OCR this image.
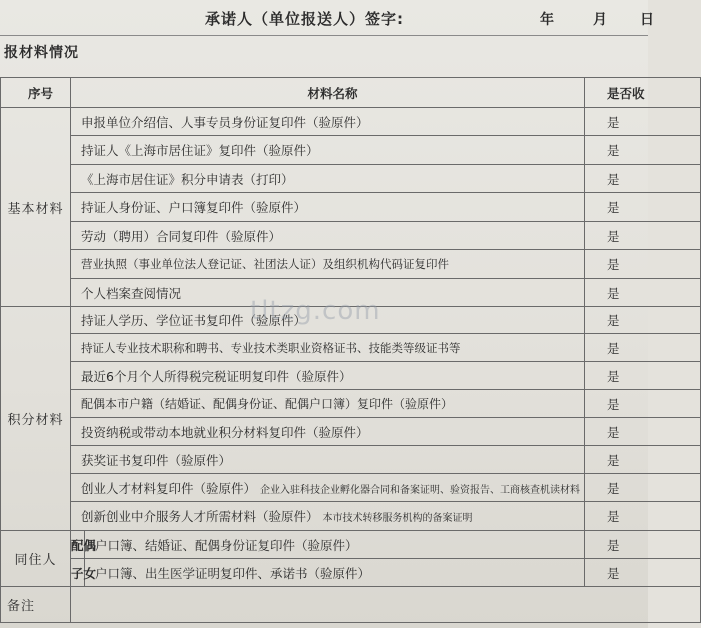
承诺人（单位报送人）签字:	年	月 日
报材料情况
序号	材料名称		是否收
基本材料	申报单位介绍信、人事专员身份证复印件（验原件）		是
	持证人《上海市居住证》复印件（验原件）		是
	《上海市居住证》积分申请表（打印）		是
	持证人身份证、户口簿复印件（验原件）		是
	劳动（聘用）合同复印件（验原件）		是
	营业执照（事业单位法人登记证、社团法人证）及组织机构代码证复印件		是
	个人档案查阅情况		是
积分材料	持证人学历、学位证书复印件（验原件）		是
	持证人专业技术职称和聘书、专业技术类职业资格证书、技能类等级证书等		是
	最近6个月个人所得税完税证明复印件（验原件）		是
	配偶本市户籍（结婚证、配偶身份证、配偶户口簿）复印件（验原件）		是
	投资纳税或带动本地就业积分材料复印件（验原件）		是
	获奖证书复印件（验原件）		是
	创业人才材料复印件（验原件） 企业入驻科技企业孵化器合同和备案证明、验资报告、工商核查机读材料		是
	创新创业中介服务人才所需材料（验原件） 本市技术转移服务机构的备案证明		是
同住人	配偶	户口簿、结婚证、配偶身份证复印件（验原件）	是
	子女	户口簿、出生医学证明复印件、承诺书（验原件）	是
备注			
tltzg.com
